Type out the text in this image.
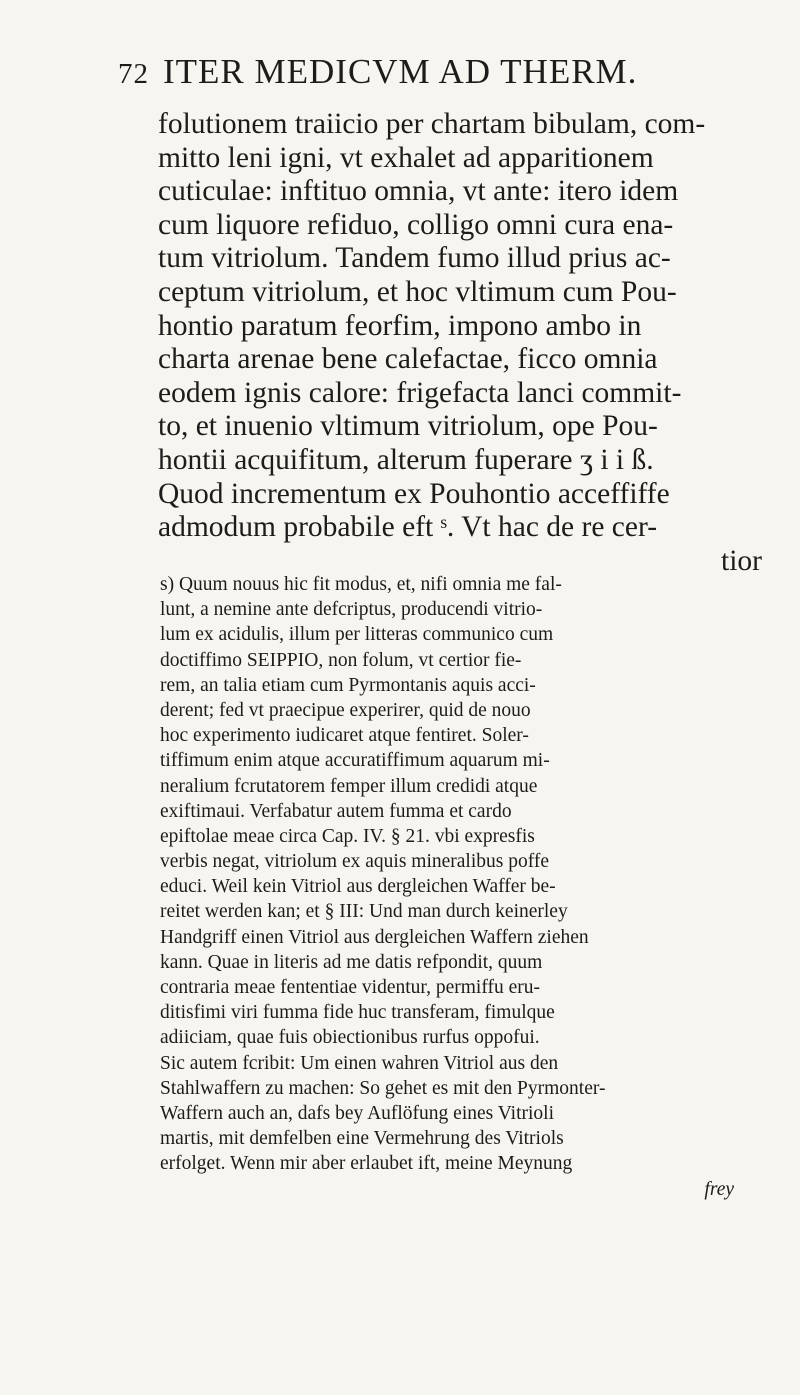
72 ITER MEDICVM AD THERM.
folutionem traiicio per chartam bibulam, com-
mitto leni igni, vt exhalet ad apparitionem
cuticulae: inftituo omnia, vt ante: itero idem
cum liquore refiduo, colligo omni cura ena-
tum vitriolum. Tandem fumo illud prius ac-
ceptum vitriolum, et hoc vltimum cum Pou-
hontio paratum feorfim, impono ambo in
charta arenae bene calefactae, ficco omnia
eodem ignis calore: frigefacta lanci commit-
to, et inuenio vltimum vitriolum, ope Pou-
hontii acquifitum, alterum fuperare ʒ i i ß.
Quod incrementum ex Pouhontio acceffiffe
admodum probabile eft ˢ. Vt hac de re cer-
tior
s) Quum nouus hic fit modus, et, nifi omnia me fal-
lunt, a nemine ante defcriptus, producendi vitrio-
lum ex acidulis, illum per litteras communico cum
doctiffimo SEIPPIO, non folum, vt certior fie-
rem, an talia etiam cum Pyrmontanis aquis acci-
derent; fed vt praecipue experirer, quid de nouo
hoc experimento iudicaret atque fentiret. Soler-
tiffimum enim atque accuratiffimum aquarum mi-
neralium fcrutatorem femper illum credidi atque
exiftimaui. Verfabatur autem fumma et cardo
epiftolae meae circa Cap. IV. § 21. vbi expresfis
verbis negat, vitriolum ex aquis mineralibus poffe
educi. Weil kein Vitriol aus dergleichen Waffer be-
reitet werden kan; et § III: Und man durch keinerley
Handgriff einen Vitriol aus dergleichen Waffern ziehen
kann. Quae in literis ad me datis refpondit, quum
contraria meae fententiae videntur, permiffu eru-
ditisfimi viri fumma fide huc transferam, fimulque
adiiciam, quae fuis obiectionibus rurfus oppofui.
Sic autem fcribit: Um einen wahren Vitriol aus den
Stahlwaffern zu machen: So gehet es mit den Pyrmonter-
Waffern auch an, dafs bey Auflöfung eines Vitrioli
martis, mit demfelben eine Vermehrung des Vitriols
erfolget. Wenn mir aber erlaubet ift, meine Meynung
frey
